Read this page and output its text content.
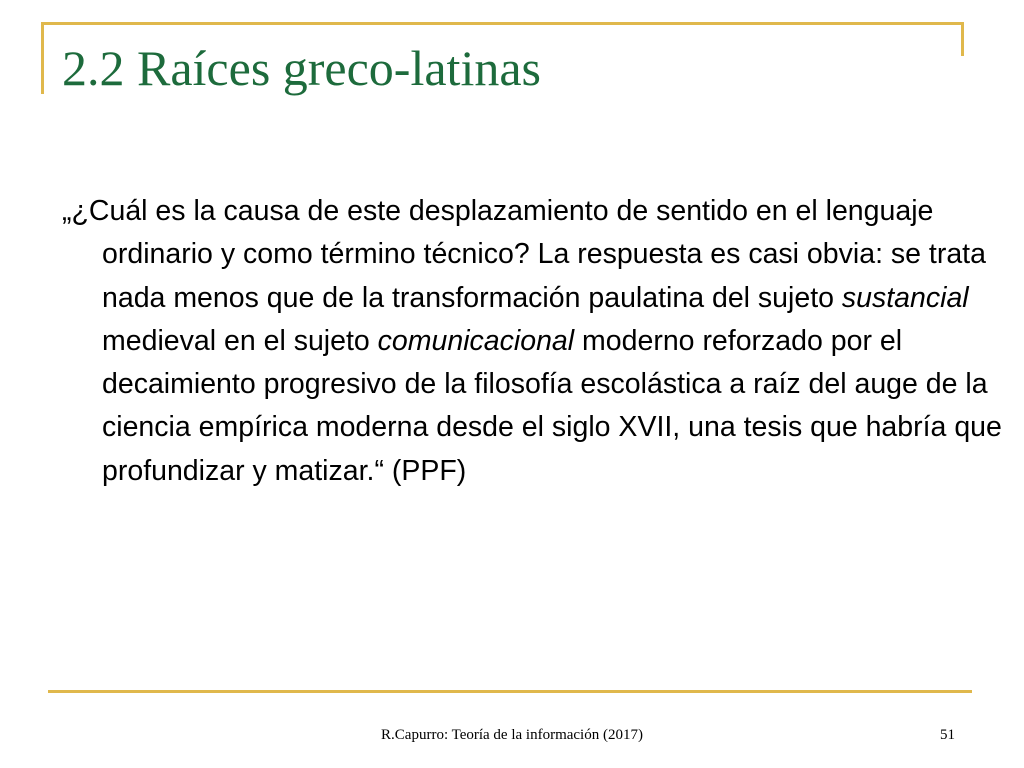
2.2 Raíces greco-latinas

„¿Cuál es la causa de este desplazamiento de sentido en el lenguaje ordinario y como término técnico? La respuesta es casi obvia: se trata nada menos que de la transformación paulatina del sujeto sustancial medieval en el sujeto comunicacional moderno reforzado por el decaimiento progresivo de la filosofía escolástica a raíz del auge de la ciencia empírica moderna desde el siglo XVII, una tesis que habría que profundizar y matizar.“ (PPF)

R.Capurro: Teoría de la información (2017)	51
